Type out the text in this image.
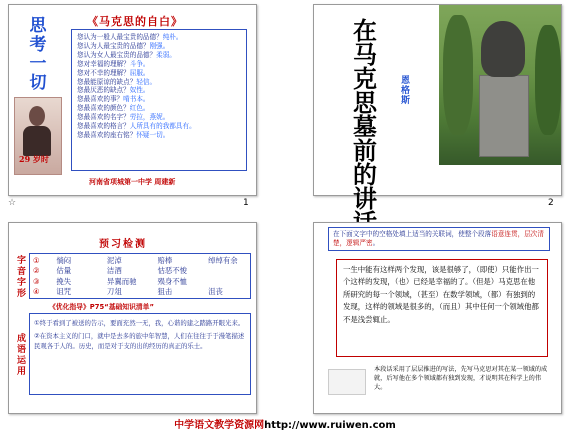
思考一切
29 岁时
《马克思的自白》
您认为一般人最宝贵的品德？纯朴。
您认为人最宝贵的品德？刚强。
您认为女人最宝贵的品德？柔弱。
您对幸福的理解？斗争。
您对不幸的理解？屈服。
您最能原谅的缺点？轻信。
您最厌恶的缺点？奴性。
您最喜欢的事？啃书本。
您最喜欢的颜色？红色。
您最喜欢的名字？劳拉，燕妮。
您最喜欢的格言？人所具有的我都具有。
您最喜欢的座右铭？怀疑一切。
河南省项城第一中学 周建新
☆	1
在马克思墓前的讲
恩格斯
2
预习检测
字音字形
成语运用
①	惝闷	泥淖	赔棒	绰绰有余
②	估量	洁酒	怙恶不悛
③	挽失	异翼而驰	殒身不恤
④	诅咒	刀俎	狙击	沮丧
《优化指导》P75“基础知识清单”
①终于看到了被送的告示，要面充然一无，我，心谐的建之踏路开眼光来。
②在资本主义的门口，就中是去多的旅中年智慧，人们在往往于于漫笔描述民观各于人的。历史，而是对于支的出的经历的真正的乐士。
在下面文字中的空格处填上适当的关联词，使整个段落语意连贯，层次清楚，逻辑严密。
一生中能有这样两个发现，该是很够了，（即使）只能作出一个这样的发现，（也）已经是幸福的了。（但是）马克思在他所研究的每一个领域，（甚至）在数学领域，（都）有独到的发现，这样的领域是很多的，（而且）其中任何一个领域他都不是浅尝辄止。
本段话采用了层层推进的写法，先写马克思对其在某一领域的成就，后写他在多个领域都有独到发现，才说明其在科学上的伟大。
中学语文教学资源网http://www.ruiwen.com
